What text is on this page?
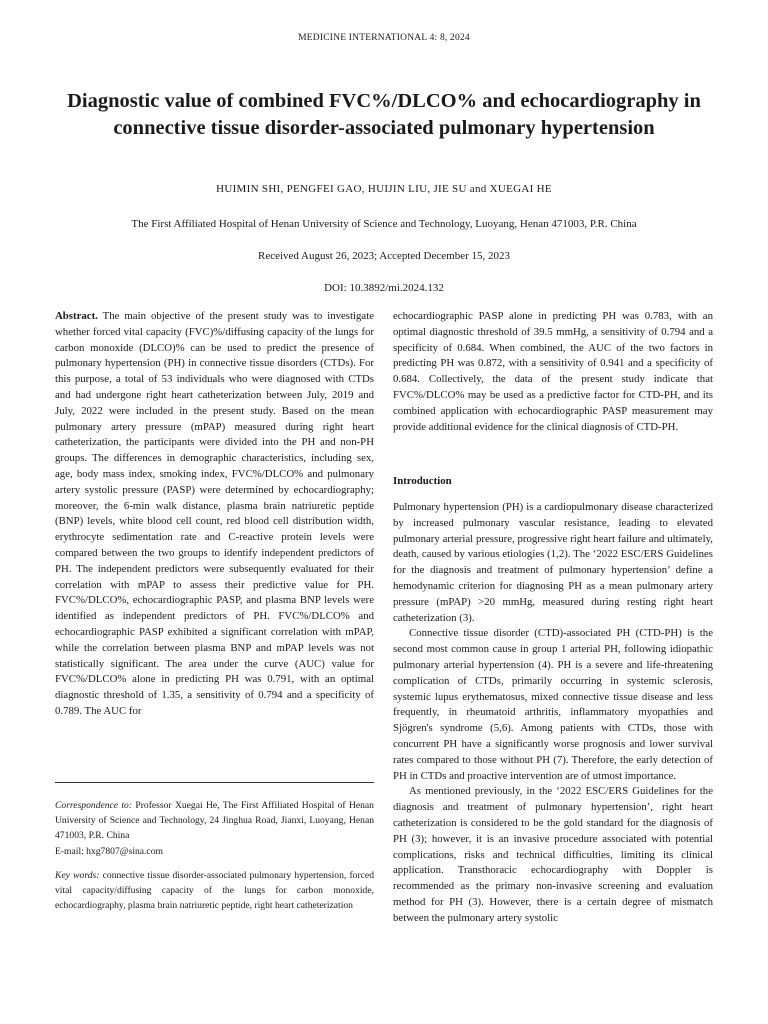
MEDICINE INTERNATIONAL 4: 8, 2024
Diagnostic value of combined FVC%/DLCO% and echocardiography in connective tissue disorder-associated pulmonary hypertension
HUIMIN SHI, PENGFEI GAO, HUIJIN LIU, JIE SU and XUEGAI HE
The First Affiliated Hospital of Henan University of Science and Technology, Luoyang, Henan 471003, P.R. China
Received August 26, 2023; Accepted December 15, 2023
DOI: 10.3892/mi.2024.132

Abstract. The main objective of the present study was to investigate whether forced vital capacity (FVC)%/diffusing capacity of the lungs for carbon monoxide (DLCO)% can be used to predict the presence of pulmonary hypertension (PH) in connective tissue disorders (CTDs). For this purpose, a total of 53 individuals who were diagnosed with CTDs and had undergone right heart catheterization between July, 2019 and July, 2022 were included in the present study. Based on the mean pulmonary artery pressure (mPAP) measured during right heart catheterization, the participants were divided into the PH and non-PH groups. The differences in demographic characteristics, including sex, age, body mass index, smoking index, FVC%/DLCO% and pulmonary artery systolic pressure (PASP) were determined by echocardiography; moreover, the 6-min walk distance, plasma brain natriuretic peptide (BNP) levels, white blood cell count, red blood cell distribution width, erythrocyte sedimentation rate and C-reactive protein levels were compared between the two groups to identify independent predictors of PH. The independent predictors were subsequently evaluated for their correlation with mPAP to assess their predictive value for PH. FVC%/DLCO%, echocardiographic PASP, and plasma BNP levels were identified as independent predictors of PH. FVC%/DLCO% and echocardiographic PASP exhibited a significant correlation with mPAP, while the correlation between plasma BNP and mPAP levels was not statistically significant. The area under the curve (AUC) value for FVC%/DLCO% alone in predicting PH was 0.791, with an optimal diagnostic threshold of 1.35, a sensitivity of 0.794 and a specificity of 0.789. The AUC for

echocardiographic PASP alone in predicting PH was 0.783, with an optimal diagnostic threshold of 39.5 mmHg, a sensitivity of 0.794 and a specificity of 0.684. When combined, the AUC of the two factors in predicting PH was 0.872, with a sensitivity of 0.941 and a specificity of 0.684. Collectively, the data of the present study indicate that FVC%/DLCO% may be used as a predictive factor for CTD-PH, and its combined application with echocardiographic PASP measurement may provide additional evidence for the clinical diagnosis of CTD-PH.

Introduction

Pulmonary hypertension (PH) is a cardiopulmonary disease characterized by increased pulmonary vascular resistance, leading to elevated pulmonary arterial pressure, progressive right heart failure and ultimately, death, caused by various etiologies (1,2). The ‘2022 ESC/ERS Guidelines for the diagnosis and treatment of pulmonary hypertension’ define a hemodynamic criterion for diagnosing PH as a mean pulmonary artery pressure (mPAP) >20 mmHg, measured during resting right heart catheterization (3).

Connective tissue disorder (CTD)-associated PH (CTD-PH) is the second most common cause in group 1 arterial PH, following idiopathic pulmonary arterial hypertension (4). PH is a severe and life-threatening complication of CTDs, primarily occurring in systemic sclerosis, systemic lupus erythematosus, mixed connective tissue disease and less frequently, in rheumatoid arthritis, inflammatory myopathies and Sjögren's syndrome (5,6). Among patients with CTDs, those with concurrent PH have a significantly worse prognosis and lower survival rates compared to those without PH (7). Therefore, the early detection of PH in CTDs and proactive intervention are of utmost importance.

As mentioned previously, in the ‘2022 ESC/ERS Guidelines for the diagnosis and treatment of pulmonary hypertension’, right heart catheterization is considered to be the gold standard for the diagnosis of PH (3); however, it is an invasive procedure associated with potential complications, risks and technical difficulties, limiting its clinical application. Transthoracic echocardiography with Doppler is recommended as the primary non-invasive screening and evaluation method for PH (3). However, there is a certain degree of mismatch between the pulmonary artery systolic

Correspondence to: Professor Xuegai He, The First Affiliated Hospital of Henan University of Science and Technology, 24 Jinghua Road, Jianxi, Luoyang, Henan 471003, P.R. China

E-mail: hxg7807@sina.com

Key words: connective tissue disorder-associated pulmonary hypertension, forced vital capacity/diffusing capacity of the lungs for carbon monoxide, echocardiography, plasma brain natriuretic peptide, right heart catheterization
